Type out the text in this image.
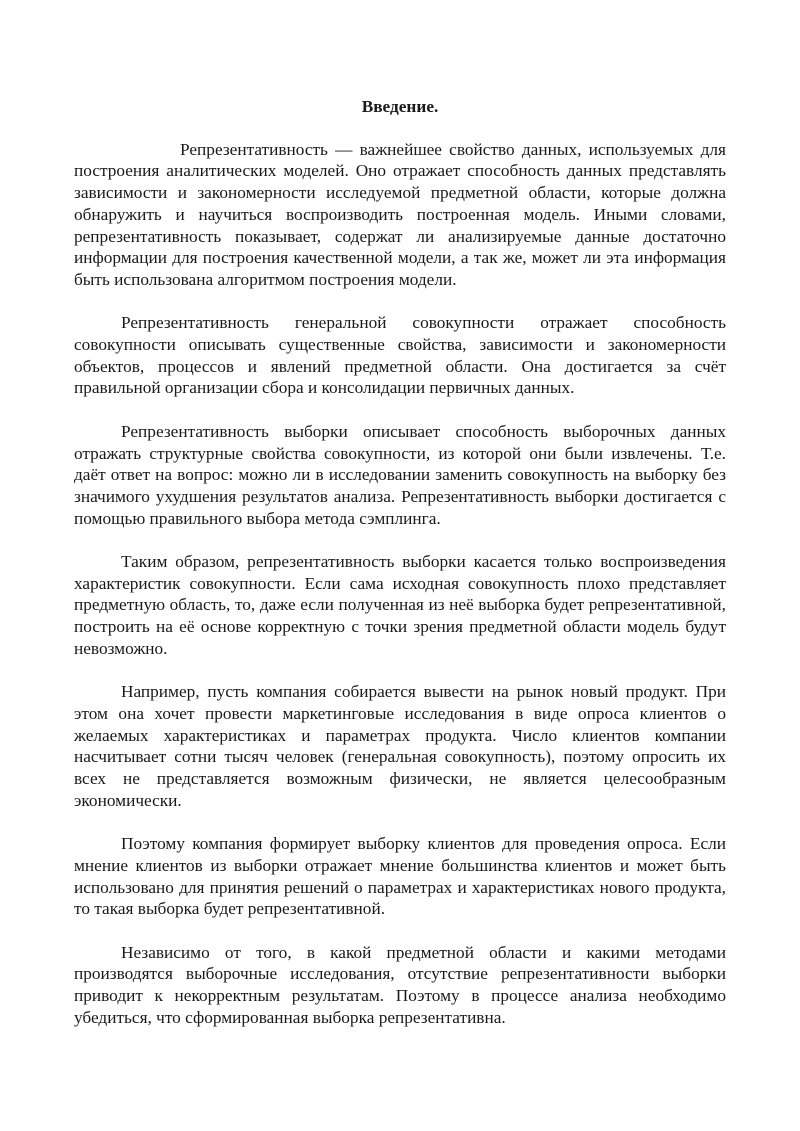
Введение.

Репрезентативность — важнейшее свойство данных, используемых для построения аналитических моделей. Оно отражает способность данных представлять зависимости и закономерности исследуемой предметной области, которые должна обнаружить и научиться воспроизводить построенная модель. Иными словами, репрезентативность показывает, содержат ли анализируемые данные достаточно информации для построения качественной модели, а так же, может ли эта информация быть использована алгоритмом построения модели.

Репрезентативность генеральной совокупности отражает способность совокупности описывать существенные свойства, зависимости и закономерности объектов, процессов и явлений предметной области. Она достигается за счёт правильной организации сбора и консолидации первичных данных.

Репрезентативность выборки описывает способность выборочных данных отражать структурные свойства совокупности, из которой они были извлечены. Т.е. даёт ответ на вопрос: можно ли в исследовании заменить совокупность на выборку без значимого ухудшения результатов анализа. Репрезентативность выборки достигается с помощью правильного выбора метода сэмплинга.

Таким образом, репрезентативность выборки касается только воспроизведения характеристик совокупности. Если сама исходная совокупность плохо представляет предметную область, то, даже если полученная из неё выборка будет репрезентативной, построить на её основе корректную с точки зрения предметной области модель будут невозможно.

Например, пусть компания собирается вывести на рынок новый продукт. При этом она хочет провести маркетинговые исследования в виде опроса клиентов о желаемых характеристиках и параметрах продукта. Число клиентов компании насчитывает сотни тысяч человек (генеральная совокупность), поэтому опросить их всех не представляется возможным физически, не является целесообразным экономически.

Поэтому компания формирует выборку клиентов для проведения опроса. Если мнение клиентов из выборки отражает мнение большинства клиентов и может быть использовано для принятия решений о параметрах и характеристиках нового продукта, то такая выборка будет репрезентативной.

Независимо от того, в какой предметной области и какими методами производятся выборочные исследования, отсутствие репрезентативности выборки приводит к некорректным результатам. Поэтому в процессе анализа необходимо убедиться, что сформированная выборка репрезентативна.
